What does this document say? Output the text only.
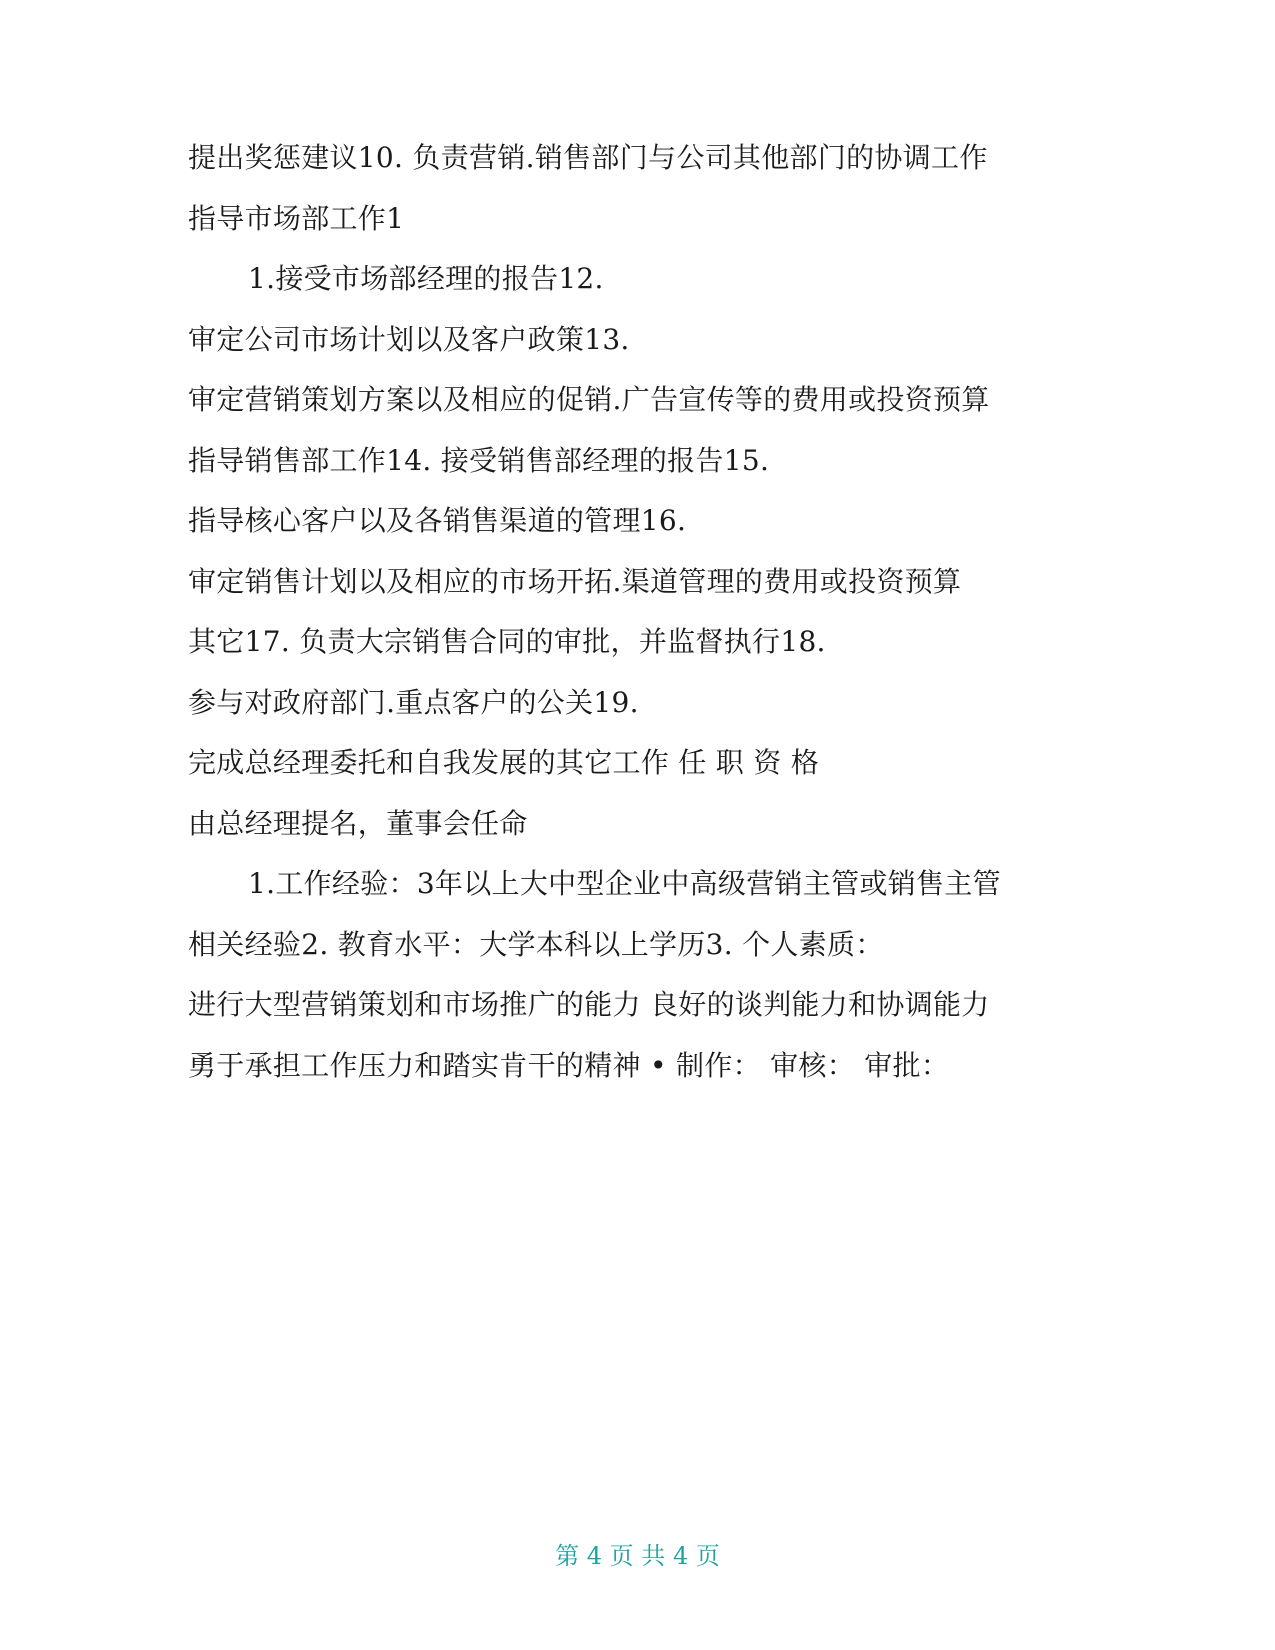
提出奖惩建议10. 负责营销.销售部门与公司其他部门的协调工作
指导市场部工作1
1.接受市场部经理的报告12.
审定公司市场计划以及客户政策13.
审定营销策划方案以及相应的促销.广告宣传等的费用或投资预算
指导销售部工作14. 接受销售部经理的报告15.
指导核心客户以及各销售渠道的管理16.
审定销售计划以及相应的市场开拓.渠道管理的费用或投资预算
其它17. 负责大宗销售合同的审批，并监督执行18.
参与对政府部门.重点客户的公关19.
完成总经理委托和自我发展的其它工作 任 职 资 格
由总经理提名，董事会任命
1.工作经验：3年以上大中型企业中高级营销主管或销售主管
相关经验2. 教育水平：大学本科以上学历3. 个人素质：
进行大型营销策划和市场推广的能力 良好的谈判能力和协调能力
勇于承担工作压力和踏实肯干的精神 • 制作： 审核： 审批：
第 4 页 共 4 页
